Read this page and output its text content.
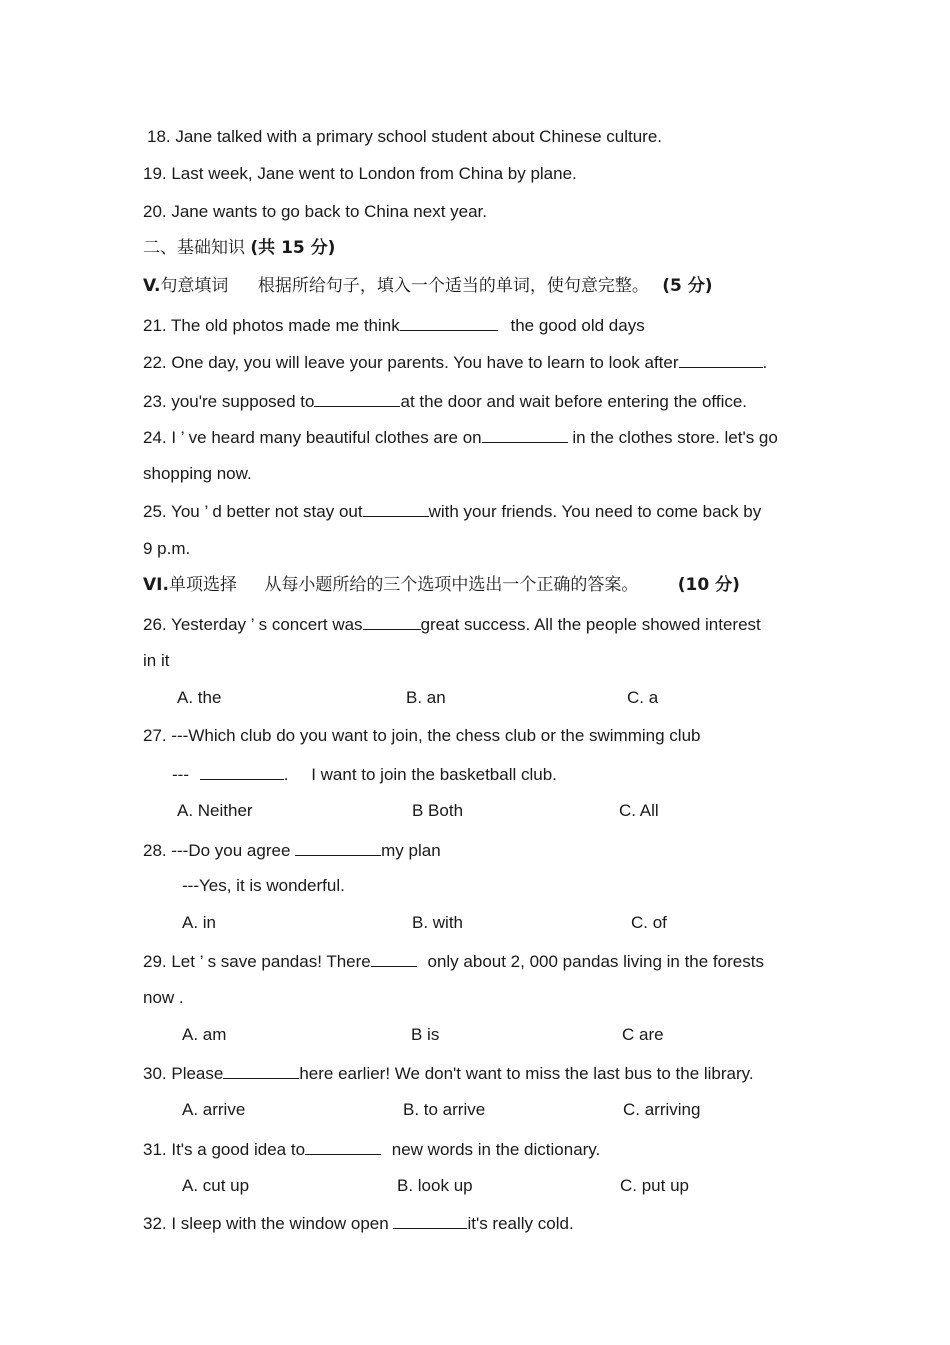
18. Jane talked with a primary school student about Chinese culture.
19. Last week, Jane went to London from China by plane.
20. Jane wants to go back to China next year.
二、基础知识 (共 15 分)
V.句意填词 根据所给句子，填入一个适当的单词，使句意完整。 (5 分)
21. The old photos made me think	the good old days
22. One day, you will leave your parents. You have to learn to look after	.
23. you're supposed to	at the door and wait before entering the office.
24. I ’ ve heard many beautiful clothes are on	in the clothes store. let's go
shopping now.
25. You ’ d better not stay out	with your friends. You need to come back by
9 p.m.
VI.单项选择 从每小题所给的三个选项中选出一个正确的答案。 (10 分)
26. Yesterday ’ s concert was	great success. All the people showed interest
in it
A. the	B. an	C. a
27. ---Which club do you want to join, the chess club or the swimming club
---	. I want to join the basketball club.
A. Neither	B Both	C. All
28. ---Do you agree	my plan
---Yes, it is wonderful.
A. in	B. with	C. of
29. Let ’ s save pandas! There	only about 2, 000 pandas living in the forests
now .
A. am	B is	C are
30. Please	here earlier! We don't want to miss the last bus to the library.
A. arrive	B. to arrive	C. arriving
31. It's a good idea to	new words in the dictionary.
A. cut up	B. look up	C. put up
32. I sleep with the window open	it's really cold.
